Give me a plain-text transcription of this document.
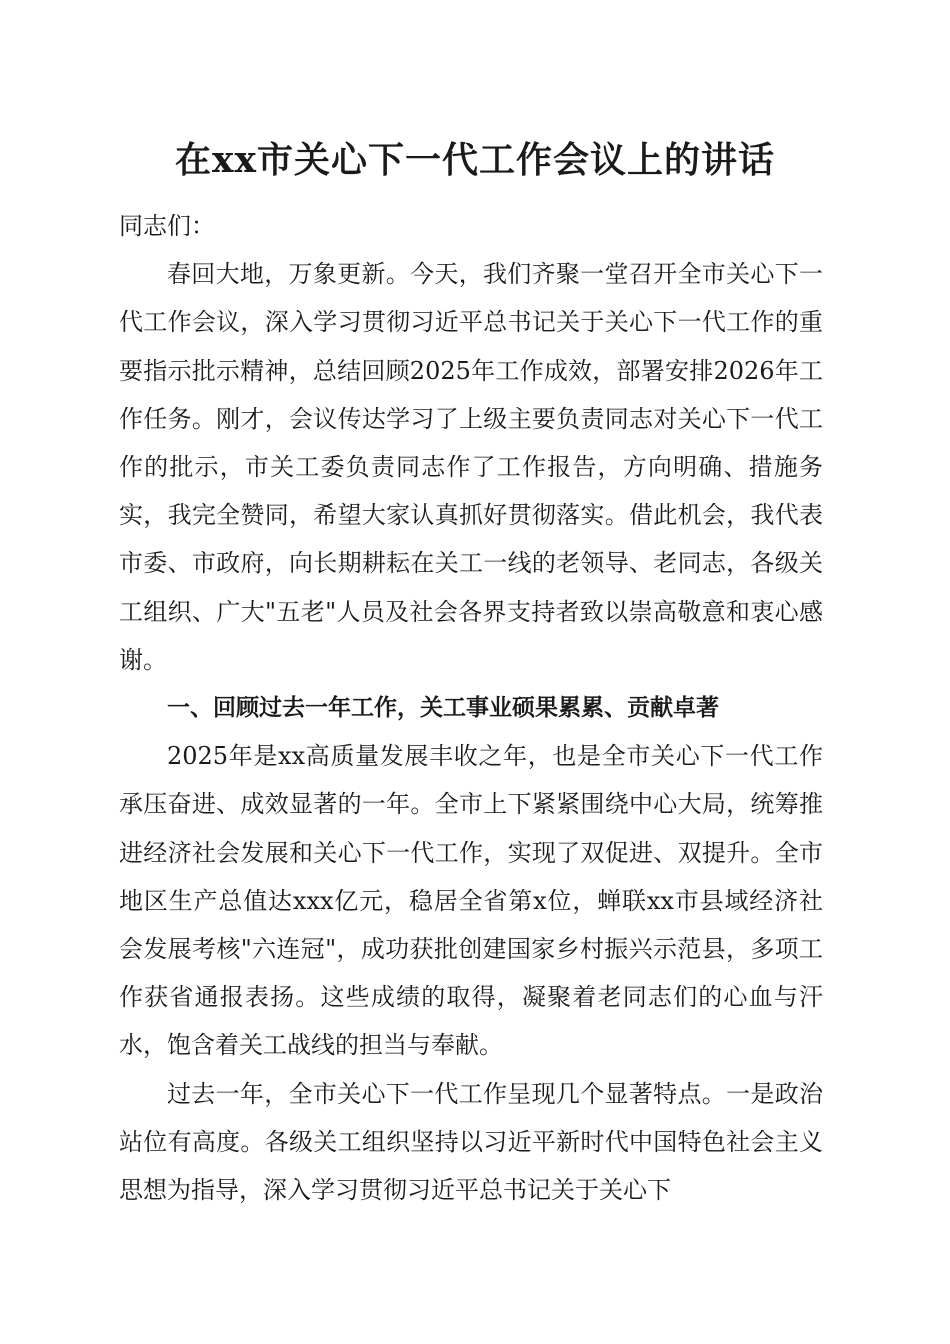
在xx市关心下一代工作会议上的讲话

同志们：

春回大地，万象更新。今天，我们齐聚一堂召开全市关心下一代工作会议，深入学习贯彻习近平总书记关于关心下一代工作的重要指示批示精神，总结回顾2025年工作成效，部署安排2026年工作任务。刚才，会议传达学习了上级主要负责同志对关心下一代工作的批示，市关工委负责同志作了工作报告，方向明确、措施务实，我完全赞同，希望大家认真抓好贯彻落实。借此机会，我代表市委、市政府，向长期耕耘在关工一线的老领导、老同志，各级关工组织、广大"五老"人员及社会各界支持者致以崇高敬意和衷心感谢。

一、回顾过去一年工作，关工事业硕果累累、贡献卓著

2025年是xx高质量发展丰收之年，也是全市关心下一代工作承压奋进、成效显著的一年。全市上下紧紧围绕中心大局，统筹推进经济社会发展和关心下一代工作，实现了双促进、双提升。全市地区生产总值达xxx亿元，稳居全省第x位，蝉联xx市县域经济社会发展考核"六连冠"，成功获批创建国家乡村振兴示范县，多项工作获省通报表扬。这些成绩的取得，凝聚着老同志们的心血与汗水，饱含着关工战线的担当与奉献。

过去一年，全市关心下一代工作呈现几个显著特点。一是政治站位有高度。各级关工组织坚持以习近平新时代中国特色社会主义思想为指导，深入学习贯彻习近平总书记关于关心下
